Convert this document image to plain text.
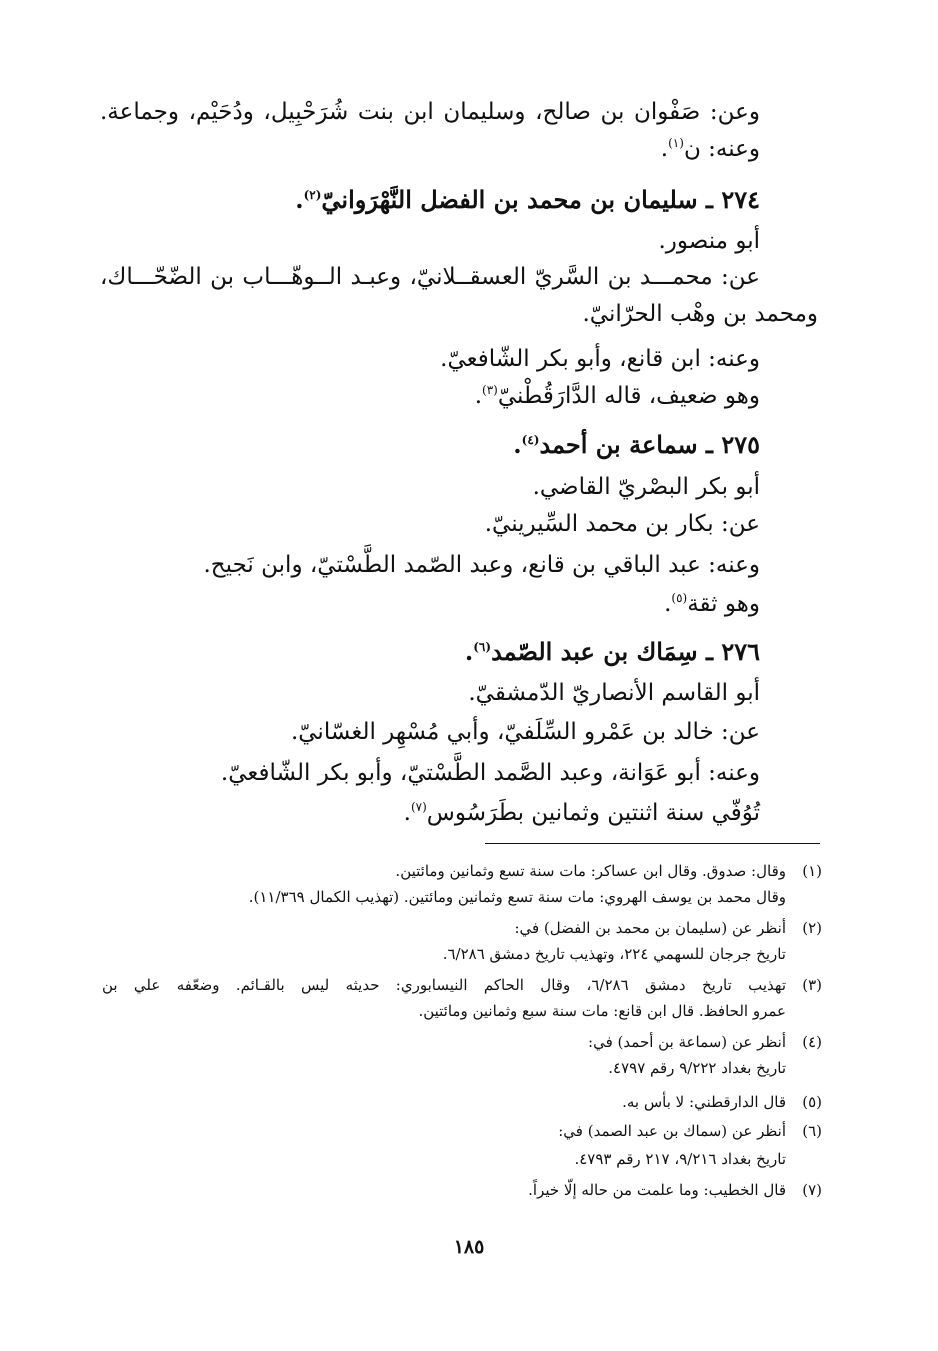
وعن: صَفْوان بن صالح، وسليمان ابن بنت شُرَحْبِيل، ودُحَيْم، وجماعة.
وعنه: ن$^{(١)}$.
٢٧٤ ـ سليمان بن محمد بن الفضل النَّهْرَوانيّ$^{(٢)}$.
أبو منصور.
عن: محمـــد بن السَّريّ العسقــلانيّ، وعبـد الــوهّـــاب بن الضّحّـــاك،
ومحمد بن وهْب الحرّانيّ.
وعنه: ابن قانع، وأبو بكر الشّافعيّ.
وهو ضعيف، قاله الدَّارَقُطْنيّ$^{(٣)}$.
٢٧٥ ـ سماعة بن أحمد$^{(٤)}$.
أبو بكر البصْريّ القاضي.
عن: بكار بن محمد السِّيرينيّ.
وعنه: عبد الباقي بن قانع، وعبد الصّمد الطَّسْتيّ، وابن نَجيح.
وهو ثقة$^{(٥)}$.
٢٧٦ ـ سِمَاك بن عبد الصّمد$^{(٦)}$.
أبو القاسم الأنصاريّ الدّمشقيّ.
عن: خالد بن عَمْرو السِّلَفيّ، وأبي مُسْهِر الغسّانيّ.
وعنه: أبو عَوَانة، وعبد الصَّمد الطَّسْتيّ، وأبو بكر الشّافعيّ.
تُوُفّي سنة اثنتين وثمانين بطَرَسُوس$^{(٧)}$.
(١)
وقال: صدوق. وقال ابن عساكر: مات سنة تسع وثمانين ومائتين.
وقال محمد بن يوسف الهروي: مات سنة تسع وثمانين ومائتين. (تهذيب الكمال ١١/٣٦٩).
(٢)
أنظر عن (سليمان بن محمد بن الفضل) في:
تاريخ جرجان للسهمي ٢٢٤، وتهذيب تاريخ دمشق ٦/٢٨٦.
(٣)
تهذيب تاريخ دمشق ٦/٢٨٦، وقال الحاكم النيسابوري: حديثه ليس بالقـائم. وضعّفه علي بن
عمرو الحافظ. قال ابن قانع: مات سنة سبع وثمانين ومائتين.
(٤)
أنظر عن (سماعة بن أحمد) في:
تاريخ بغداد ٩/٢٢٢ رقم ٤٧٩٧.
(٥)
قال الدارقطني: لا بأس به.
(٦)
أنظر عن (سماك بن عبد الصمد) في:
تاريخ بغداد ٩/٢١٦، ٢١٧ رقم ٤٧٩٣.
(٧)
قال الخطيب: وما علمت من حاله إلّا خيراً.
١٨٥
